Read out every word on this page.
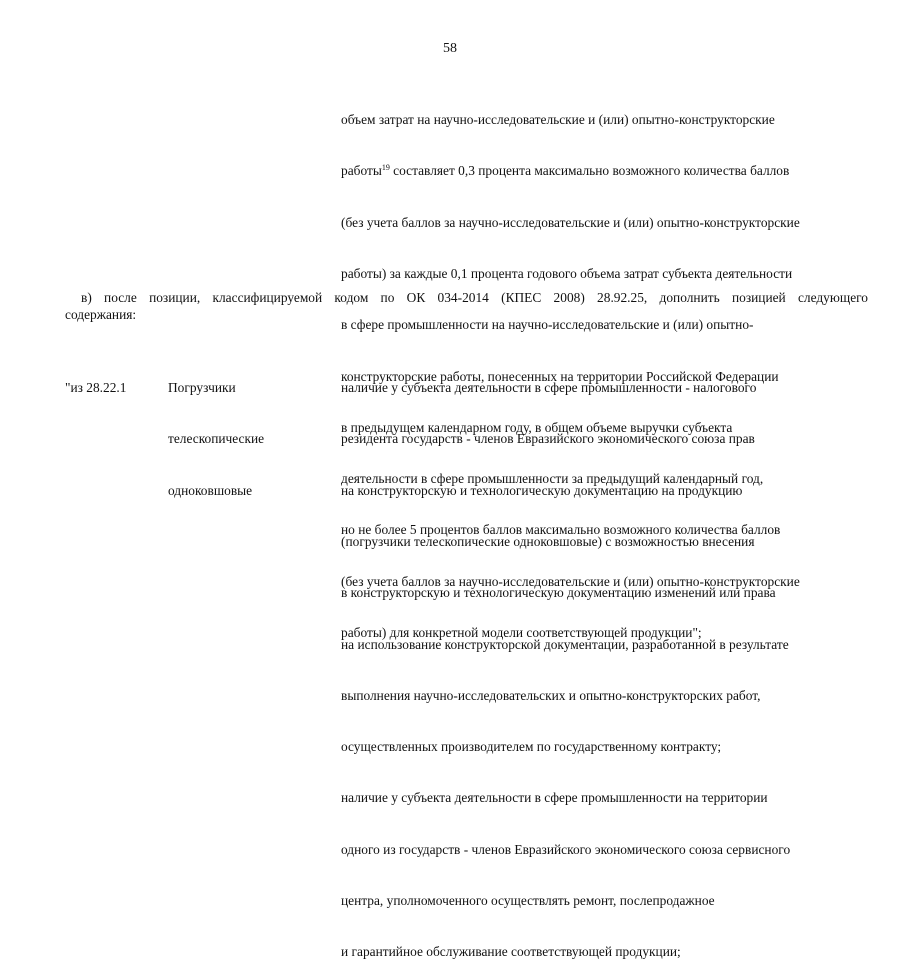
58

объем затрат на научно-исследовательские и (или) опытно-конструкторские

работы$^{19}$ составляет 0,3 процента максимально возможного количества баллов

(без учета баллов за научно-исследовательские и (или) опытно-конструкторские

работы) за каждые 0,1 процента годового объема затрат субъекта деятельности

в сфере промышленности на научно-исследовательские и (или) опытно-

конструкторские работы, понесенных на территории Российской Федерации

в предыдущем календарном году, в общем объеме выручки субъекта

деятельности в сфере промышленности за предыдущий календарный год,

но не более 5 процентов баллов максимально возможного количества баллов

(без учета баллов за научно-исследовательские и (или) опытно-конструкторские

работы) для конкретной модели соответствующей продукции";

в) после позиции, классифицируемой кодом по ОК 034-2014 (КПЕС 2008) 28.92.25, дополнить позицией следующего
содержания:

"из 28.22.1

	Погрузчики

телескопические

одноковшовые

наличие у субъекта деятельности в сфере промышленности - налогового

резидента государств - членов Евразийского экономического союза прав

на конструкторскую и технологическую документацию на продукцию

(погрузчики телескопические одноковшовые) с возможностью внесения

в конструкторскую и технологическую документацию изменений или права

на использование конструкторской документации, разработанной в результате

выполнения научно-исследовательских и опытно-конструкторских работ,

осуществленных производителем по государственному контракту;

наличие у субъекта деятельности в сфере промышленности на территории

одного из государств - членов Евразийского экономического союза сервисного

центра, уполномоченного осуществлять ремонт, послепродажное

и гарантийное обслуживание соответствующей продукции;
